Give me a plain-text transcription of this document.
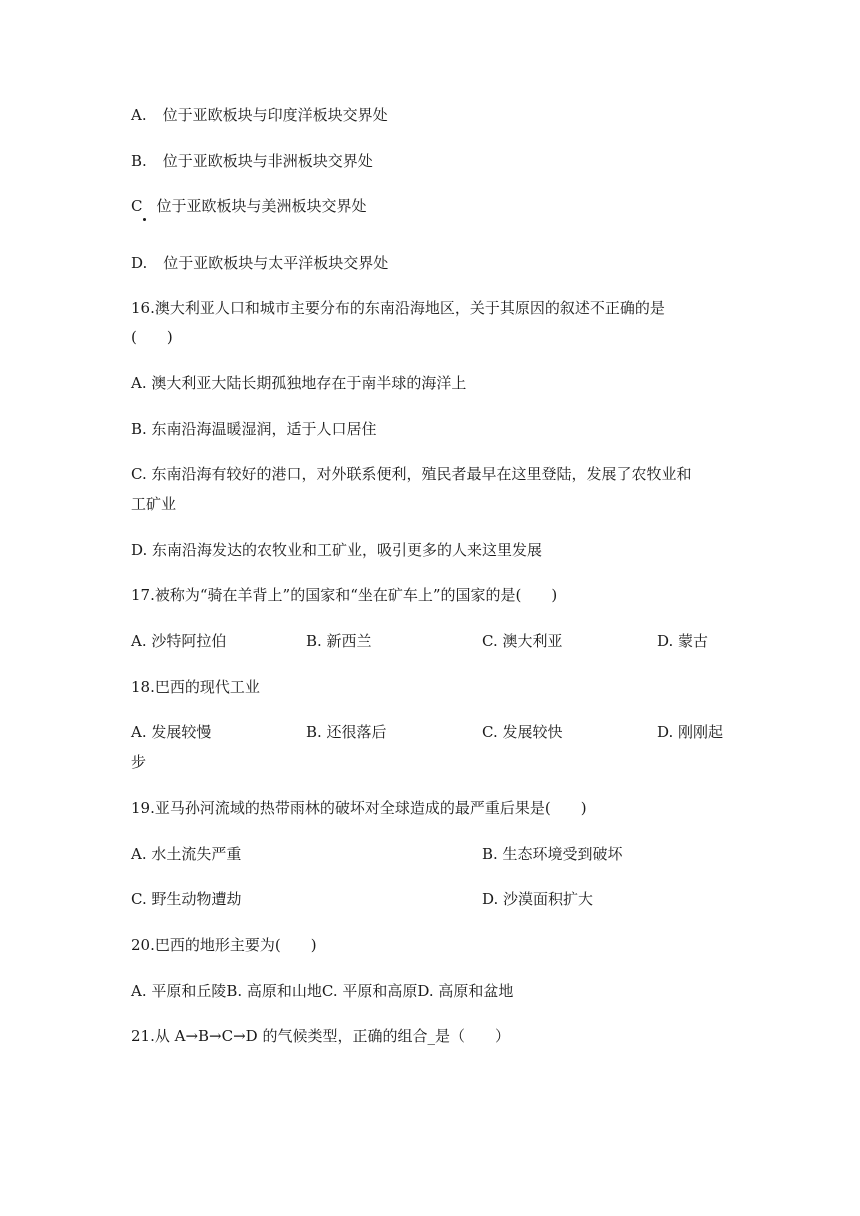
A. 位于亚欧板块与印度洋板块交界处
B. 位于亚欧板块与非洲板块交界处
C 位于亚欧板块与美洲板块交界处
D. 位于亚欧板块与太平洋板块交界处
16.澳大利亚人口和城市主要分布的东南沿海地区，关于其原因的叙述不正确的是
(　　)
A. 澳大利亚大陆长期孤独地存在于南半球的海洋上
B. 东南沿海温暖湿润，适于人口居住
C. 东南沿海有较好的港口，对外联系便利，殖民者最早在这里登陆，发展了农牧业和
工矿业
D. 东南沿海发达的农牧业和工矿业，吸引更多的人来这里发展
17.被称为“骑在羊背上”的国家和“坐在矿车上”的国家的是(　　)
A. 沙特阿拉伯	B. 新西兰	C. 澳大利亚	D. 蒙古
18.巴西的现代工业
A. 发展较慢	B. 还很落后	C. 发展较快	D. 刚刚起
步
19.亚马孙河流域的热带雨林的破坏对全球造成的最严重后果是(　　)
A. 水土流失严重	B. 生态环境受到破坏
C. 野生动物遭劫	D. 沙漠面积扩大
20.巴西的地形主要为(　　)
A. 平原和丘陵B. 高原和山地C. 平原和高原D. 高原和盆地
21.从 A→B→C→D 的气候类型，正确的组合_是（　　）
